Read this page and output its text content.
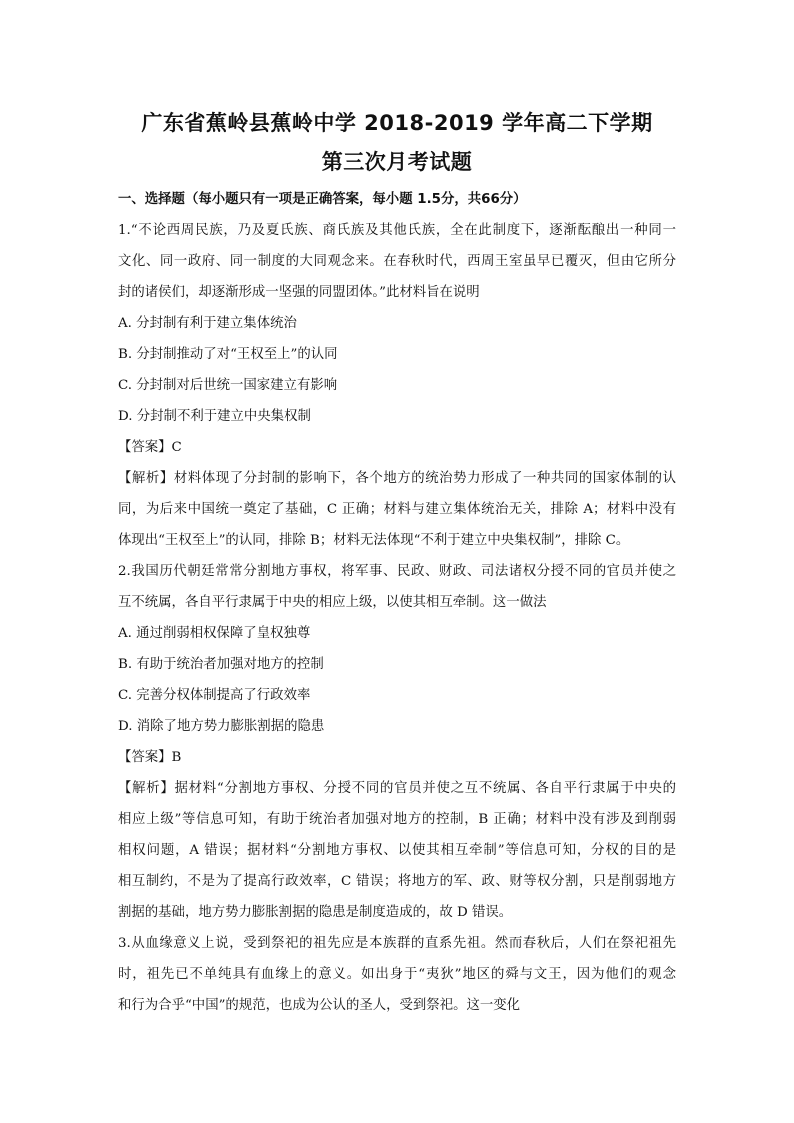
广东省蕉岭县蕉岭中学 2018-2019 学年高二下学期
第三次月考试题
一、选择题（每小题只有一项是正确答案，每小题 1.5分，共66分）
1.“不论西周民族，乃及夏氏族、商氏族及其他氏族，全在此制度下，逐渐酝酿出一种同一
文化、同一政府、同一制度的大同观念来。在春秋时代，西周王室虽早已覆灭，但由它所分
封的诸侯们，却逐渐形成一坚强的同盟团体。”此材料旨在说明
A. 分封制有利于建立集体统治
B. 分封制推动了对“王权至上”的认同
C. 分封制对后世统一国家建立有影响
D. 分封制不利于建立中央集权制
【答案】C
【解析】材料体现了分封制的影响下，各个地方的统治势力形成了一种共同的国家体制的认
同，为后来中国统一奠定了基础，C 正确；材料与建立集体统治无关，排除 A；材料中没有
体现出“王权至上”的认同，排除 B；材料无法体现“不利于建立中央集权制”，排除 C。
2.我国历代朝廷常常分割地方事权，将军事、民政、财政、司法诸权分授不同的官员并使之
互不统属，各自平行隶属于中央的相应上级，以使其相互牵制。这一做法
A. 通过削弱相权保障了皇权独尊
B. 有助于统治者加强对地方的控制
C. 完善分权体制提高了行政效率
D. 消除了地方势力膨胀割据的隐患
【答案】B
【解析】据材料“分割地方事权、分授不同的官员并使之互不统属、各自平行隶属于中央的
相应上级”等信息可知，有助于统治者加强对地方的控制，B 正确；材料中没有涉及到削弱
相权问题，A 错误；据材料“分割地方事权、以使其相互牵制”等信息可知，分权的目的是
相互制约，不是为了提高行政效率，C 错误；将地方的军、政、财等权分割，只是削弱地方
割据的基础，地方势力膨胀割据的隐患是制度造成的，故 D 错误。
3.从血缘意义上说，受到祭祀的祖先应是本族群的直系先祖。然而春秋后，人们在祭祀祖先
时，祖先已不单纯具有血缘上的意义。如出身于“夷狄”地区的舜与文王，因为他们的观念
和行为合乎“中国”的规范，也成为公认的圣人，受到祭祀。这一变化
